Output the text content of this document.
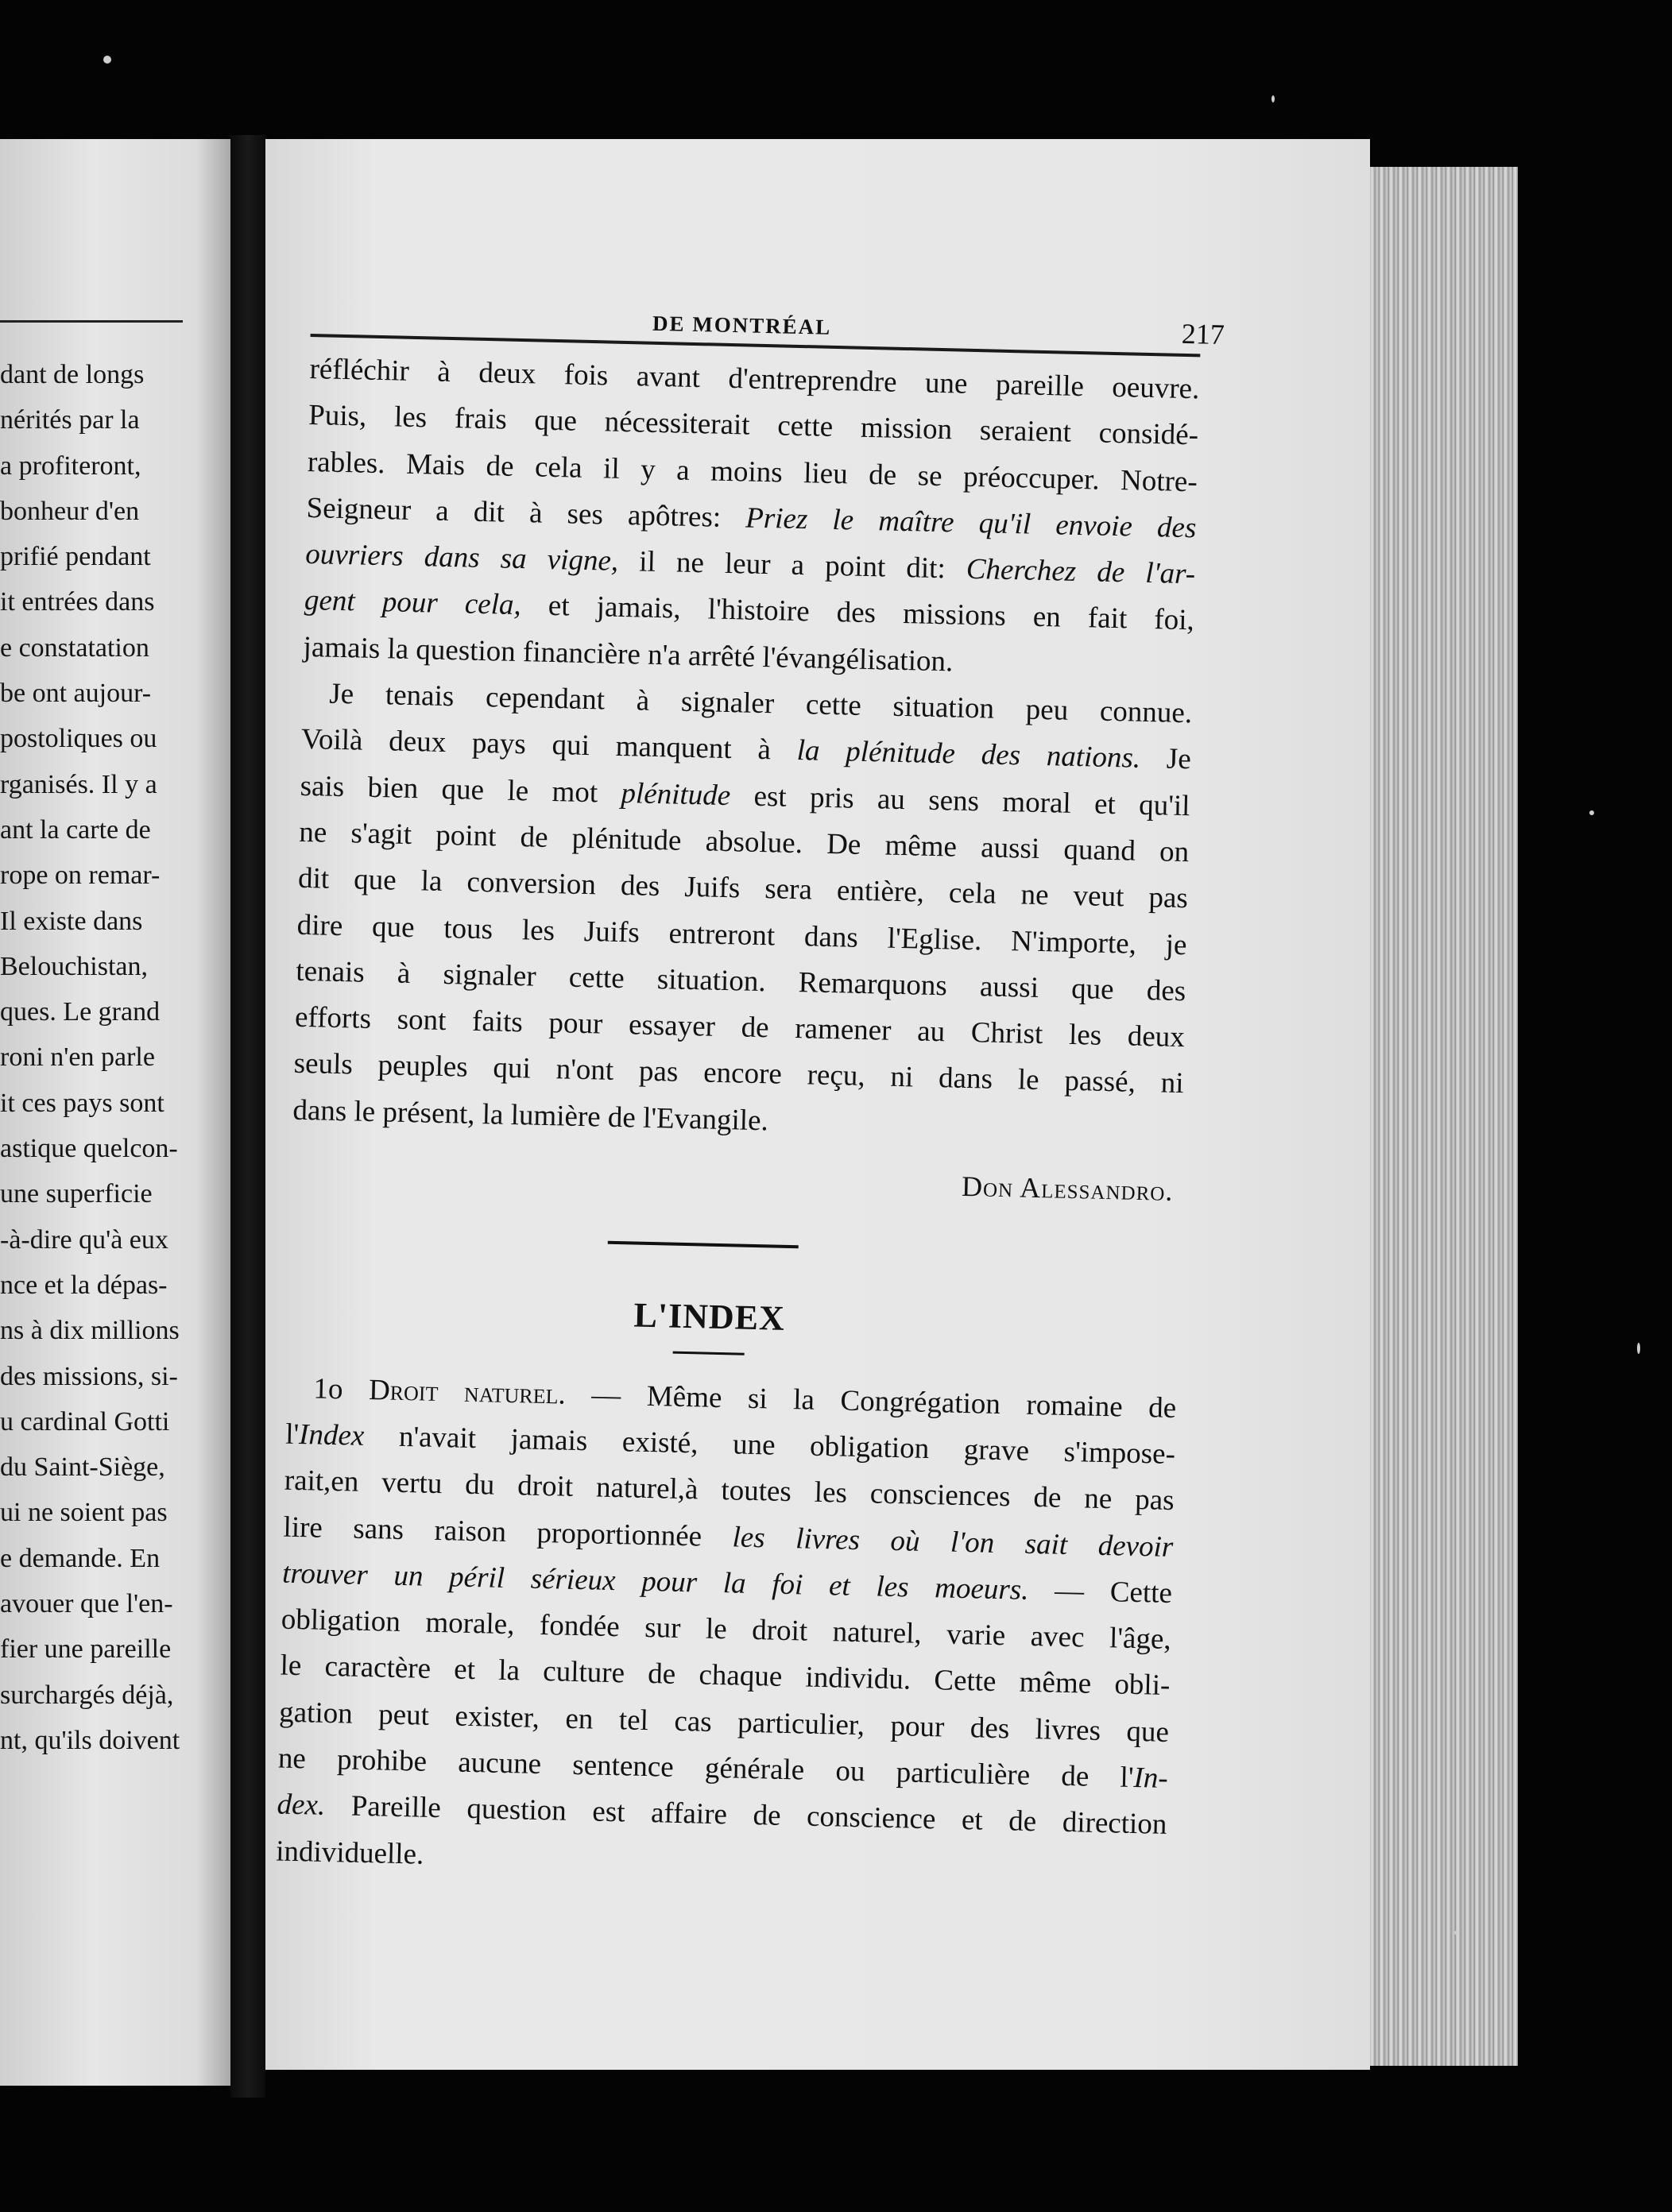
dant de longs
nérités par la
a profiteront,
bonheur d'en
prifié pendant
it entrées dans
e constatation
be ont aujour-
postoliques ou
rganisés. Il y a
ant la carte de
rope on remar-
Il existe dans
Belouchistan,
ques. Le grand
roni n'en parle
it ces pays sont
astique quelcon-
une superficie
-à-dire qu'à eux
nce et la dépas-
ns à dix millions
des missions, si-
u cardinal Gotti
du Saint-Siège,
ui ne soient pas
e demande. En
avouer que l'en-
fier une pareille
surchargés déjà,
nt, qu'ils doivent
DE MONTRÉAL	217
réfléchir à deux fois avant d'entreprendre une pareille oeuvre.
Puis, les frais que nécessiterait cette mission seraient considé-
rables. Mais de cela il y a moins lieu de se préoccuper. Notre-
Seigneur a dit à ses apôtres: Priez le maître qu'il envoie des
ouvriers dans sa vigne, il ne leur a point dit: Cherchez de l'ar-
gent pour cela, et jamais, l'histoire des missions en fait foi,
jamais la question financière n'a arrêté l'évangélisation.
Je tenais cependant à signaler cette situation peu connue.
Voilà deux pays qui manquent à la plénitude des nations. Je
sais bien que le mot plénitude est pris au sens moral et qu'il
ne s'agit point de plénitude absolue. De même aussi quand on
dit que la conversion des Juifs sera entière, cela ne veut pas
dire que tous les Juifs entreront dans l'Eglise. N'importe, je
tenais à signaler cette situation. Remarquons aussi que des
efforts sont faits pour essayer de ramener au Christ les deux
seuls peuples qui n'ont pas encore reçu, ni dans le passé, ni
dans le présent, la lumière de l'Evangile.
Don Alessandro.
L'INDEX
1o Droit naturel. — Même si la Congrégation romaine de
l'Index n'avait jamais existé, une obligation grave s'impose-
rait,en vertu du droit naturel,à toutes les consciences de ne pas
lire sans raison proportionnée les livres où l'on sait devoir
trouver un péril sérieux pour la foi et les moeurs. — Cette
obligation morale, fondée sur le droit naturel, varie avec l'âge,
le caractère et la culture de chaque individu. Cette même obli-
gation peut exister, en tel cas particulier, pour des livres que
ne prohibe aucune sentence générale ou particulière de l'In-
dex. Pareille question est affaire de conscience et de direction
individuelle.
